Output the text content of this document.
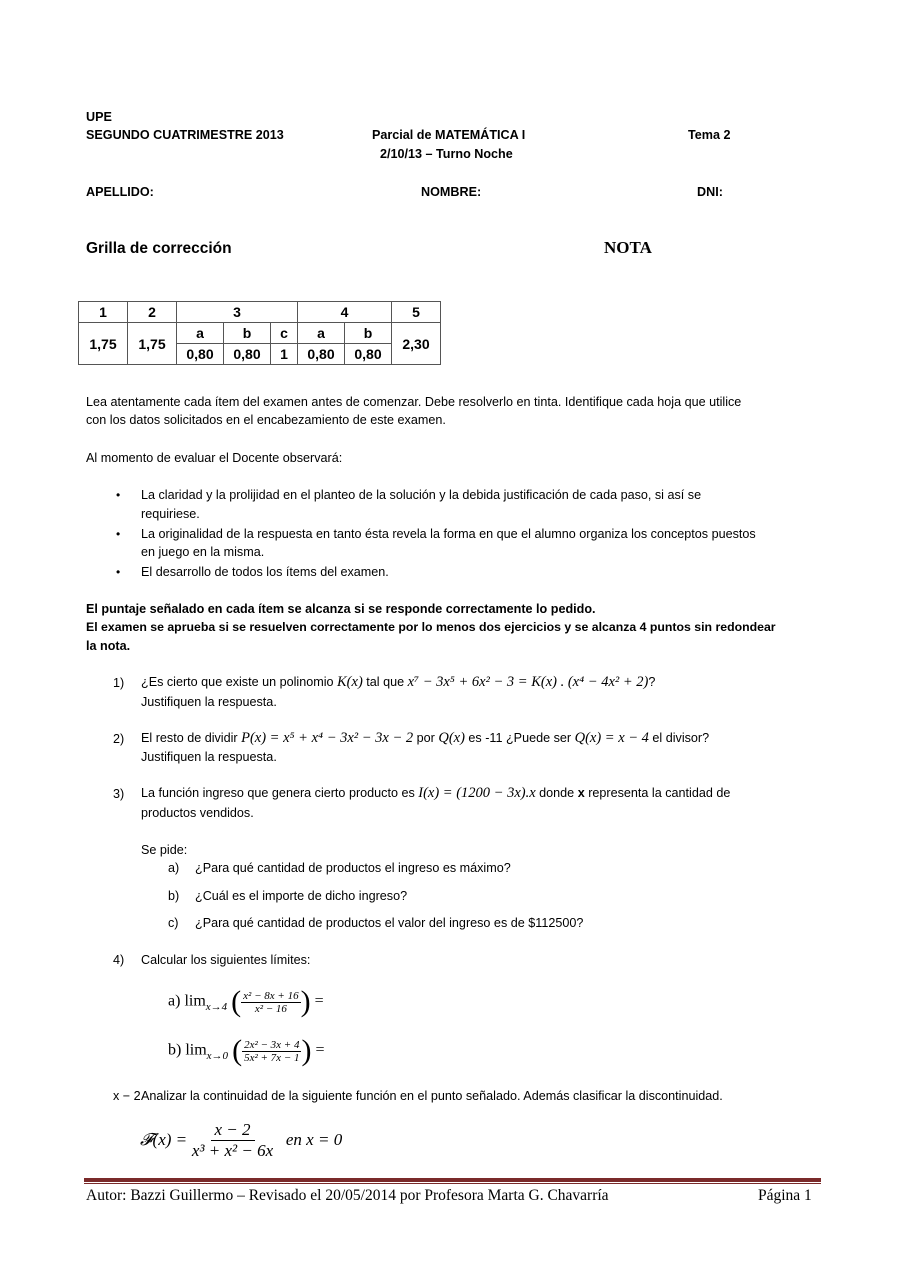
UPE
SEGUNDO CUATRIMESTRE 2013	Parcial de MATEMÁTICA I
2/10/13 – Turno Noche
Tema 2
APELLIDO:	NOMBRE:	DNI:
Grilla de corrección	NOTA
1	2	3			4		5
1,75	1,75	a	b	c	a	b	2,30
		0,80	0,80	1	0,80	0,80	
Lea atentamente cada ítem del examen antes de comenzar. Debe resolverlo en tinta. Identifique cada hoja que utilice
con los datos solicitados en el encabezamiento de este examen.
Al momento de evaluar el Docente observará:
• La claridad y la prolijidad en el planteo de la solución y la debida justificación de cada paso, si así se
requiriese.
• La originalidad de la respuesta en tanto ésta revela la forma en que el alumno organiza los conceptos puestos
en juego en la misma.
• El desarrollo de todos los ítems del examen.
El puntaje señalado en cada ítem se alcanza si se responde correctamente lo pedido.
El examen se aprueba si se resuelven correctamente por lo menos dos ejercicios y se alcanza 4 puntos sin redondear
la nota.
1) ¿Es cierto que existe un polinomio K(x) tal que x⁷ − 3x⁵ + 6x² − 3 = K(x) . (x⁴ − 4x² + 2)?
Justifiquen la respuesta.
2) El resto de dividir P(x) = x⁵ + x⁴ − 3x² − 3x − 2 por Q(x) es -11 ¿Puede ser Q(x) = x − 4 el divisor?
Justifiquen la respuesta.
3) La función ingreso que genera cierto producto es I(x) = (1200 − 3x).x donde x representa la cantidad de
productos vendidos.
Se pide:
a) ¿Para qué cantidad de productos el ingreso es máximo?
b) ¿Cuál es el importe de dicho ingreso?
c) ¿Para qué cantidad de productos el valor del ingreso es de $112500?
4) Calcular los siguientes límites:
a) $\lim_{x\to 4}$ ( $\frac{\text{x² − 8x + 16}}{\text{x² − 16}}$ ) =
b) $\lim_{x\to 0}$ ( $\frac{\text{2x² − 3x + 4}}{\text{5x² + 7x − 1}}$ ) =
x − 2 Analizar la continuidad de la siguiente función en el punto señalado. Además clasificar la discontinuidad.
𝓕(x) = $\frac{x - 2}{\text{x³ + x² − 6x}}$ en x = 0
Autor: Bazzi Guillermo – Revisado el 20/05/2014 por Profesora Marta G. Chavarría	Página 1
